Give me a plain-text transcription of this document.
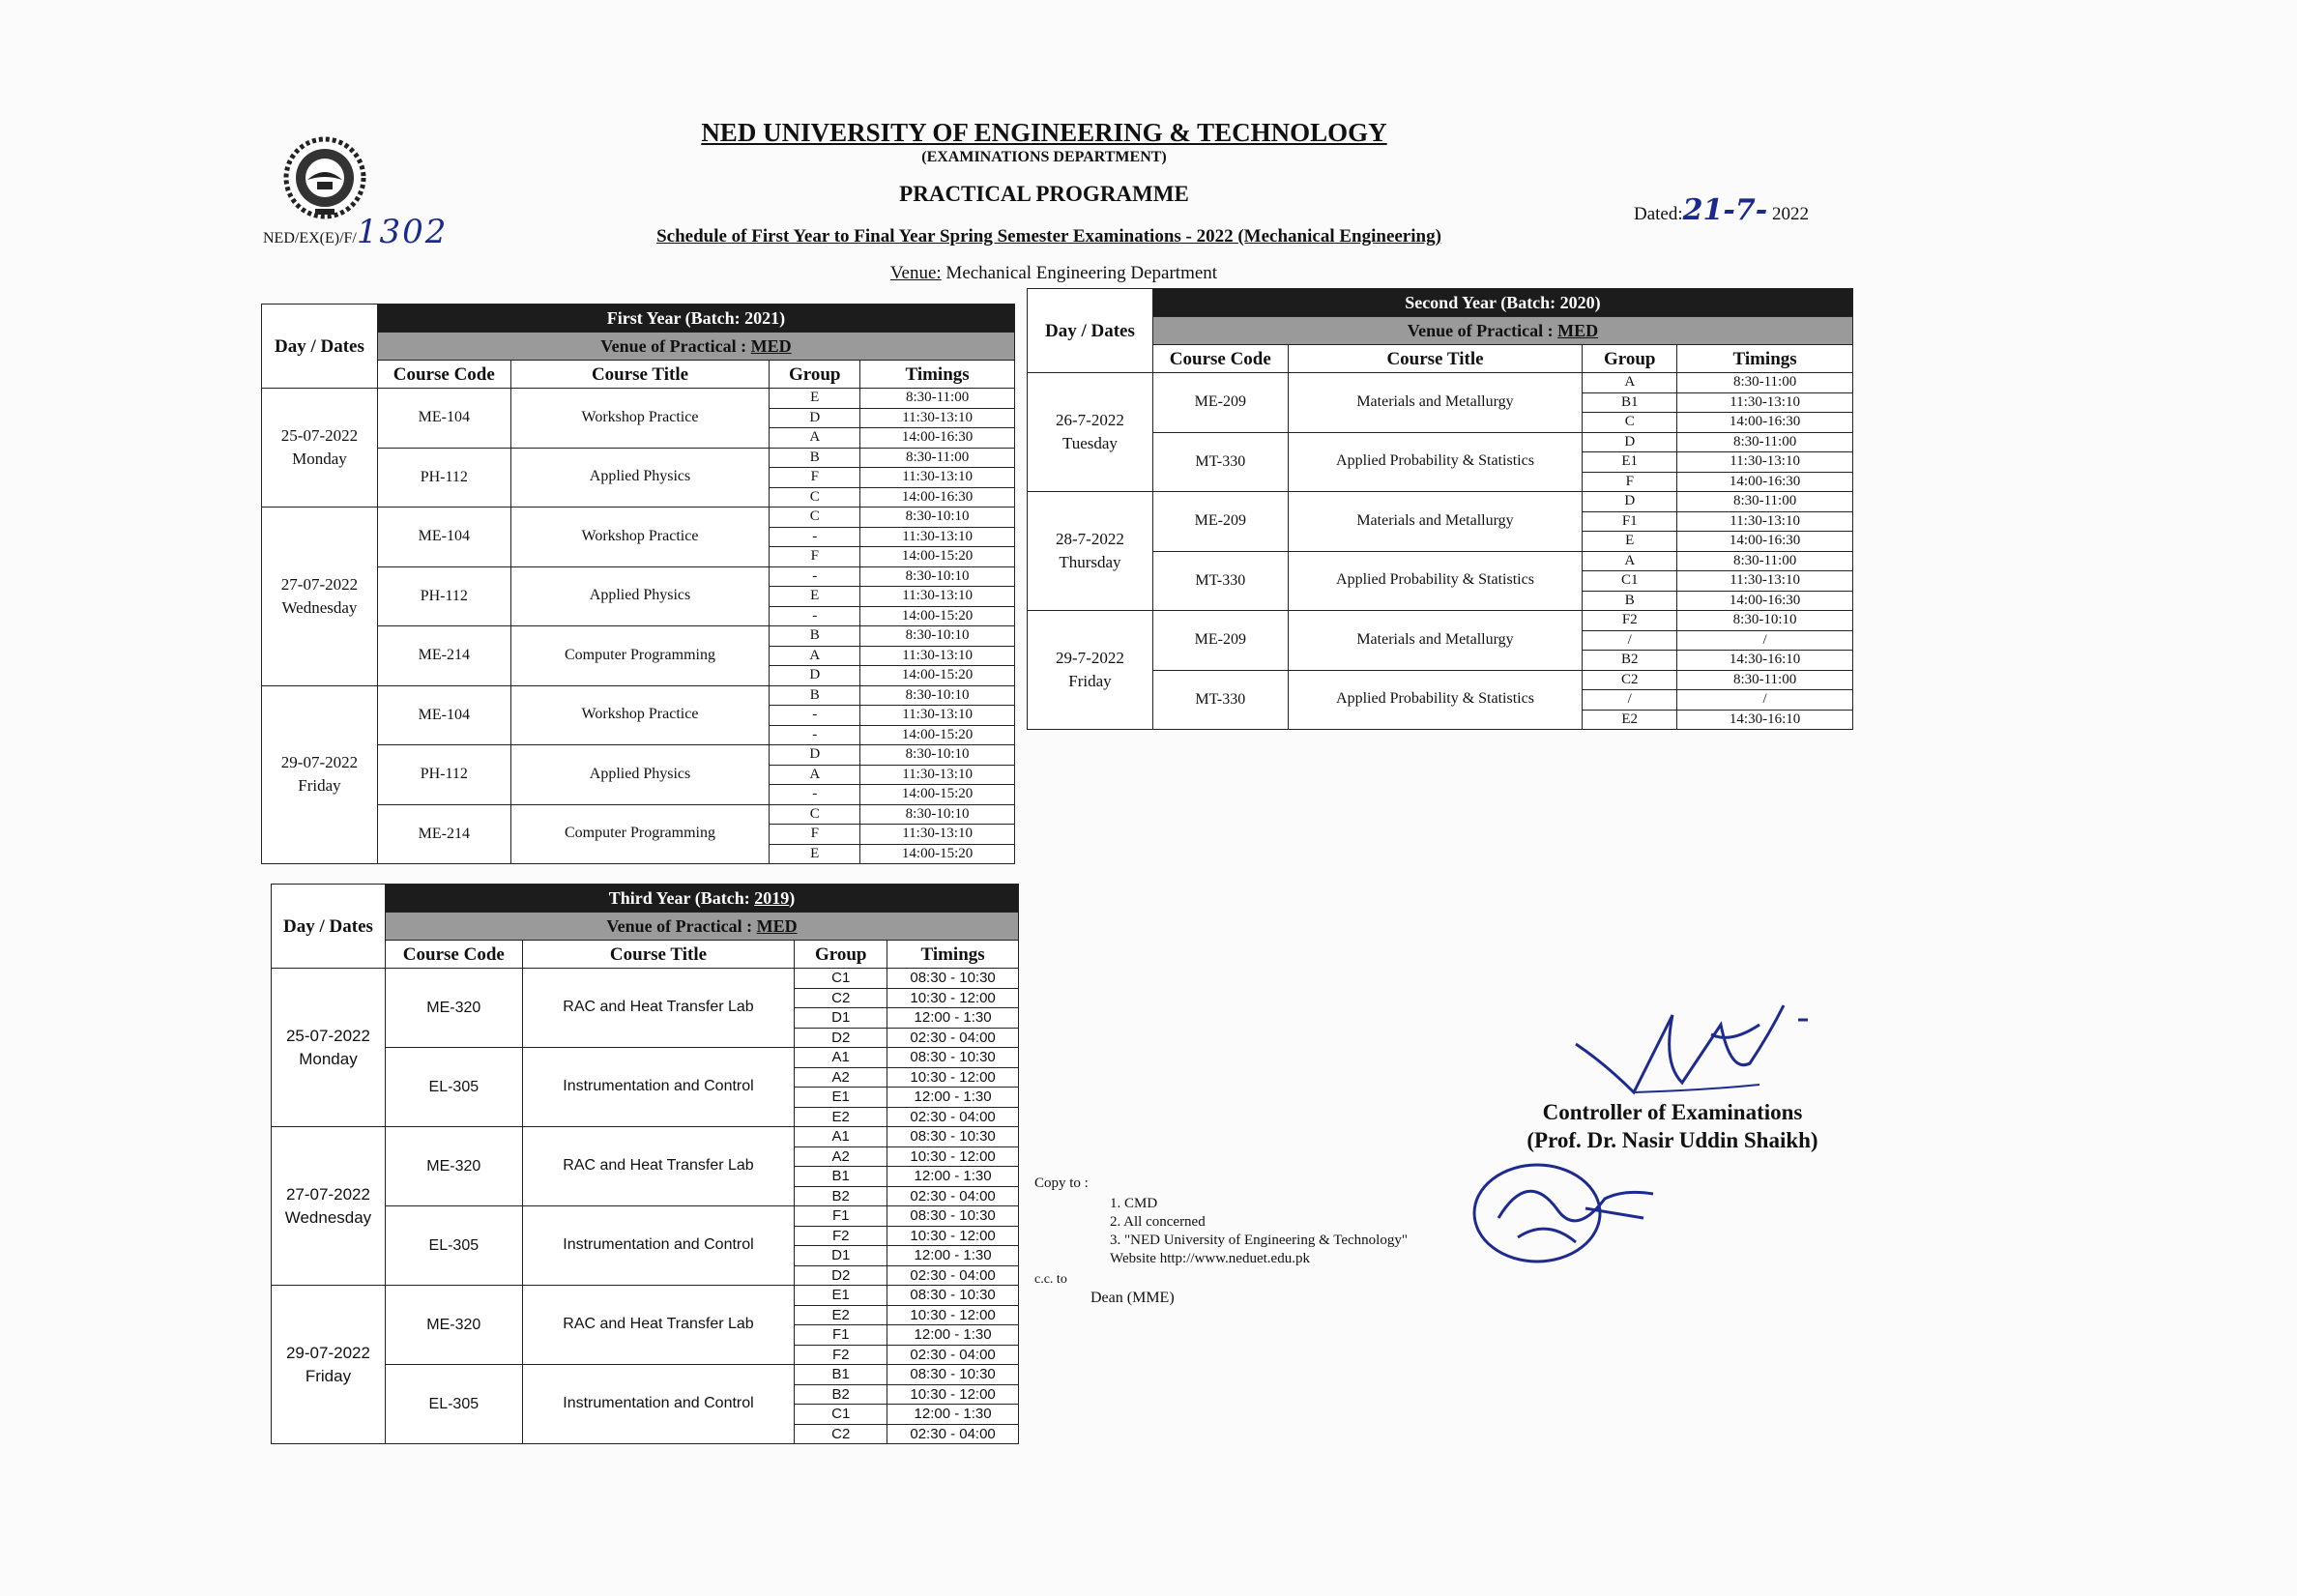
NED UNIVERSITY OF ENGINEERING & TECHNOLOGY
(EXAMINATIONS DEPARTMENT)
PRACTICAL PROGRAMME
NED/EX(E)/F/1302	Dated:21-7- 2022
Schedule of First Year to Final Year Spring Semester Examinations - 2022 (Mechanical Engineering)
Venue: Mechanical Engineering Department
Day / Dates	First Year (Batch: 2021)			
	Venue of Practical : MED			
	Course Code	Course Title	Group	Timings

25-07-2022
Monday	ME-104	Workshop Practice	E	8:30-11:00
			D	11:30-13:10
			A	14:00-16:30
	PH-112	Applied Physics	B	8:30-11:00
			F	11:30-13:10
			C	14:00-16:30

27-07-2022
Wednesday	ME-104	Workshop Practice	C	8:30-10:10
			-	11:30-13:10
			F	14:00-15:20
	PH-112	Applied Physics	-	8:30-10:10
			E	11:30-13:10
			-	14:00-15:20
	ME-214	Computer Programming	B	8:30-10:10
			A	11:30-13:10
			D	14:00-15:20

29-07-2022
Friday	ME-104	Workshop Practice	B	8:30-10:10
			-	11:30-13:10
			-	14:00-15:20
	PH-112	Applied Physics	D	8:30-10:10
			A	11:30-13:10
			-	14:00-15:20
	ME-214	Computer Programming	C	8:30-10:10
			F	11:30-13:10
			E	14:00-15:20
Day / Dates	Second Year (Batch: 2020)			
	Venue of Practical : MED			
	Course Code	Course Title	Group	Timings

26-7-2022
Tuesday	ME-209	Materials and Metallurgy	A	8:30-11:00
			B1	11:30-13:10
			C	14:00-16:30
	MT-330	Applied Probability & Statistics	D	8:30-11:00
			E1	11:30-13:10
			F	14:00-16:30

28-7-2022
Thursday	ME-209	Materials and Metallurgy	D	8:30-11:00
			F1	11:30-13:10
			E	14:00-16:30
	MT-330	Applied Probability & Statistics	A	8:30-11:00
			C1	11:30-13:10
			B	14:00-16:30

29-7-2022
Friday	ME-209	Materials and Metallurgy	F2	8:30-10:10
			/	/
			B2	14:30-16:10
	MT-330	Applied Probability & Statistics	C2	8:30-11:00
			/	/
			E2	14:30-16:10
Day / Dates	Third Year (Batch: 2019)			
	Venue of Practical : MED			
	Course Code	Course Title	Group	Timings

25-07-2022
Monday	ME-320	RAC and Heat Transfer Lab	C1	08:30 - 10:30
			C2	10:30 - 12:00
			D1	12:00 - 1:30
			D2	02:30 - 04:00
	EL-305	Instrumentation and Control	A1	08:30 - 10:30
			A2	10:30 - 12:00
			E1	12:00 - 1:30
			E2	02:30 - 04:00

27-07-2022
Wednesday	ME-320	RAC and Heat Transfer Lab	A1	08:30 - 10:30
			A2	10:30 - 12:00
			B1	12:00 - 1:30
			B2	02:30 - 04:00
	EL-305	Instrumentation and Control	F1	08:30 - 10:30
			F2	10:30 - 12:00
			D1	12:00 - 1:30
			D2	02:30 - 04:00

29-07-2022
Friday	ME-320	RAC and Heat Transfer Lab	E1	08:30 - 10:30
			E2	10:30 - 12:00
			F1	12:00 - 1:30
			F2	02:30 - 04:00
	EL-305	Instrumentation and Control	B1	08:30 - 10:30
			B2	10:30 - 12:00
			C1	12:00 - 1:30
			C2	02:30 - 04:00
Copy to :
1. CMD
2. All concerned
3. "NED University of Engineering & Technology"
Website http://www.neduet.edu.pk
c.c. to
Dean (MME)
Controller of Examinations
(Prof. Dr. Nasir Uddin Shaikh)
